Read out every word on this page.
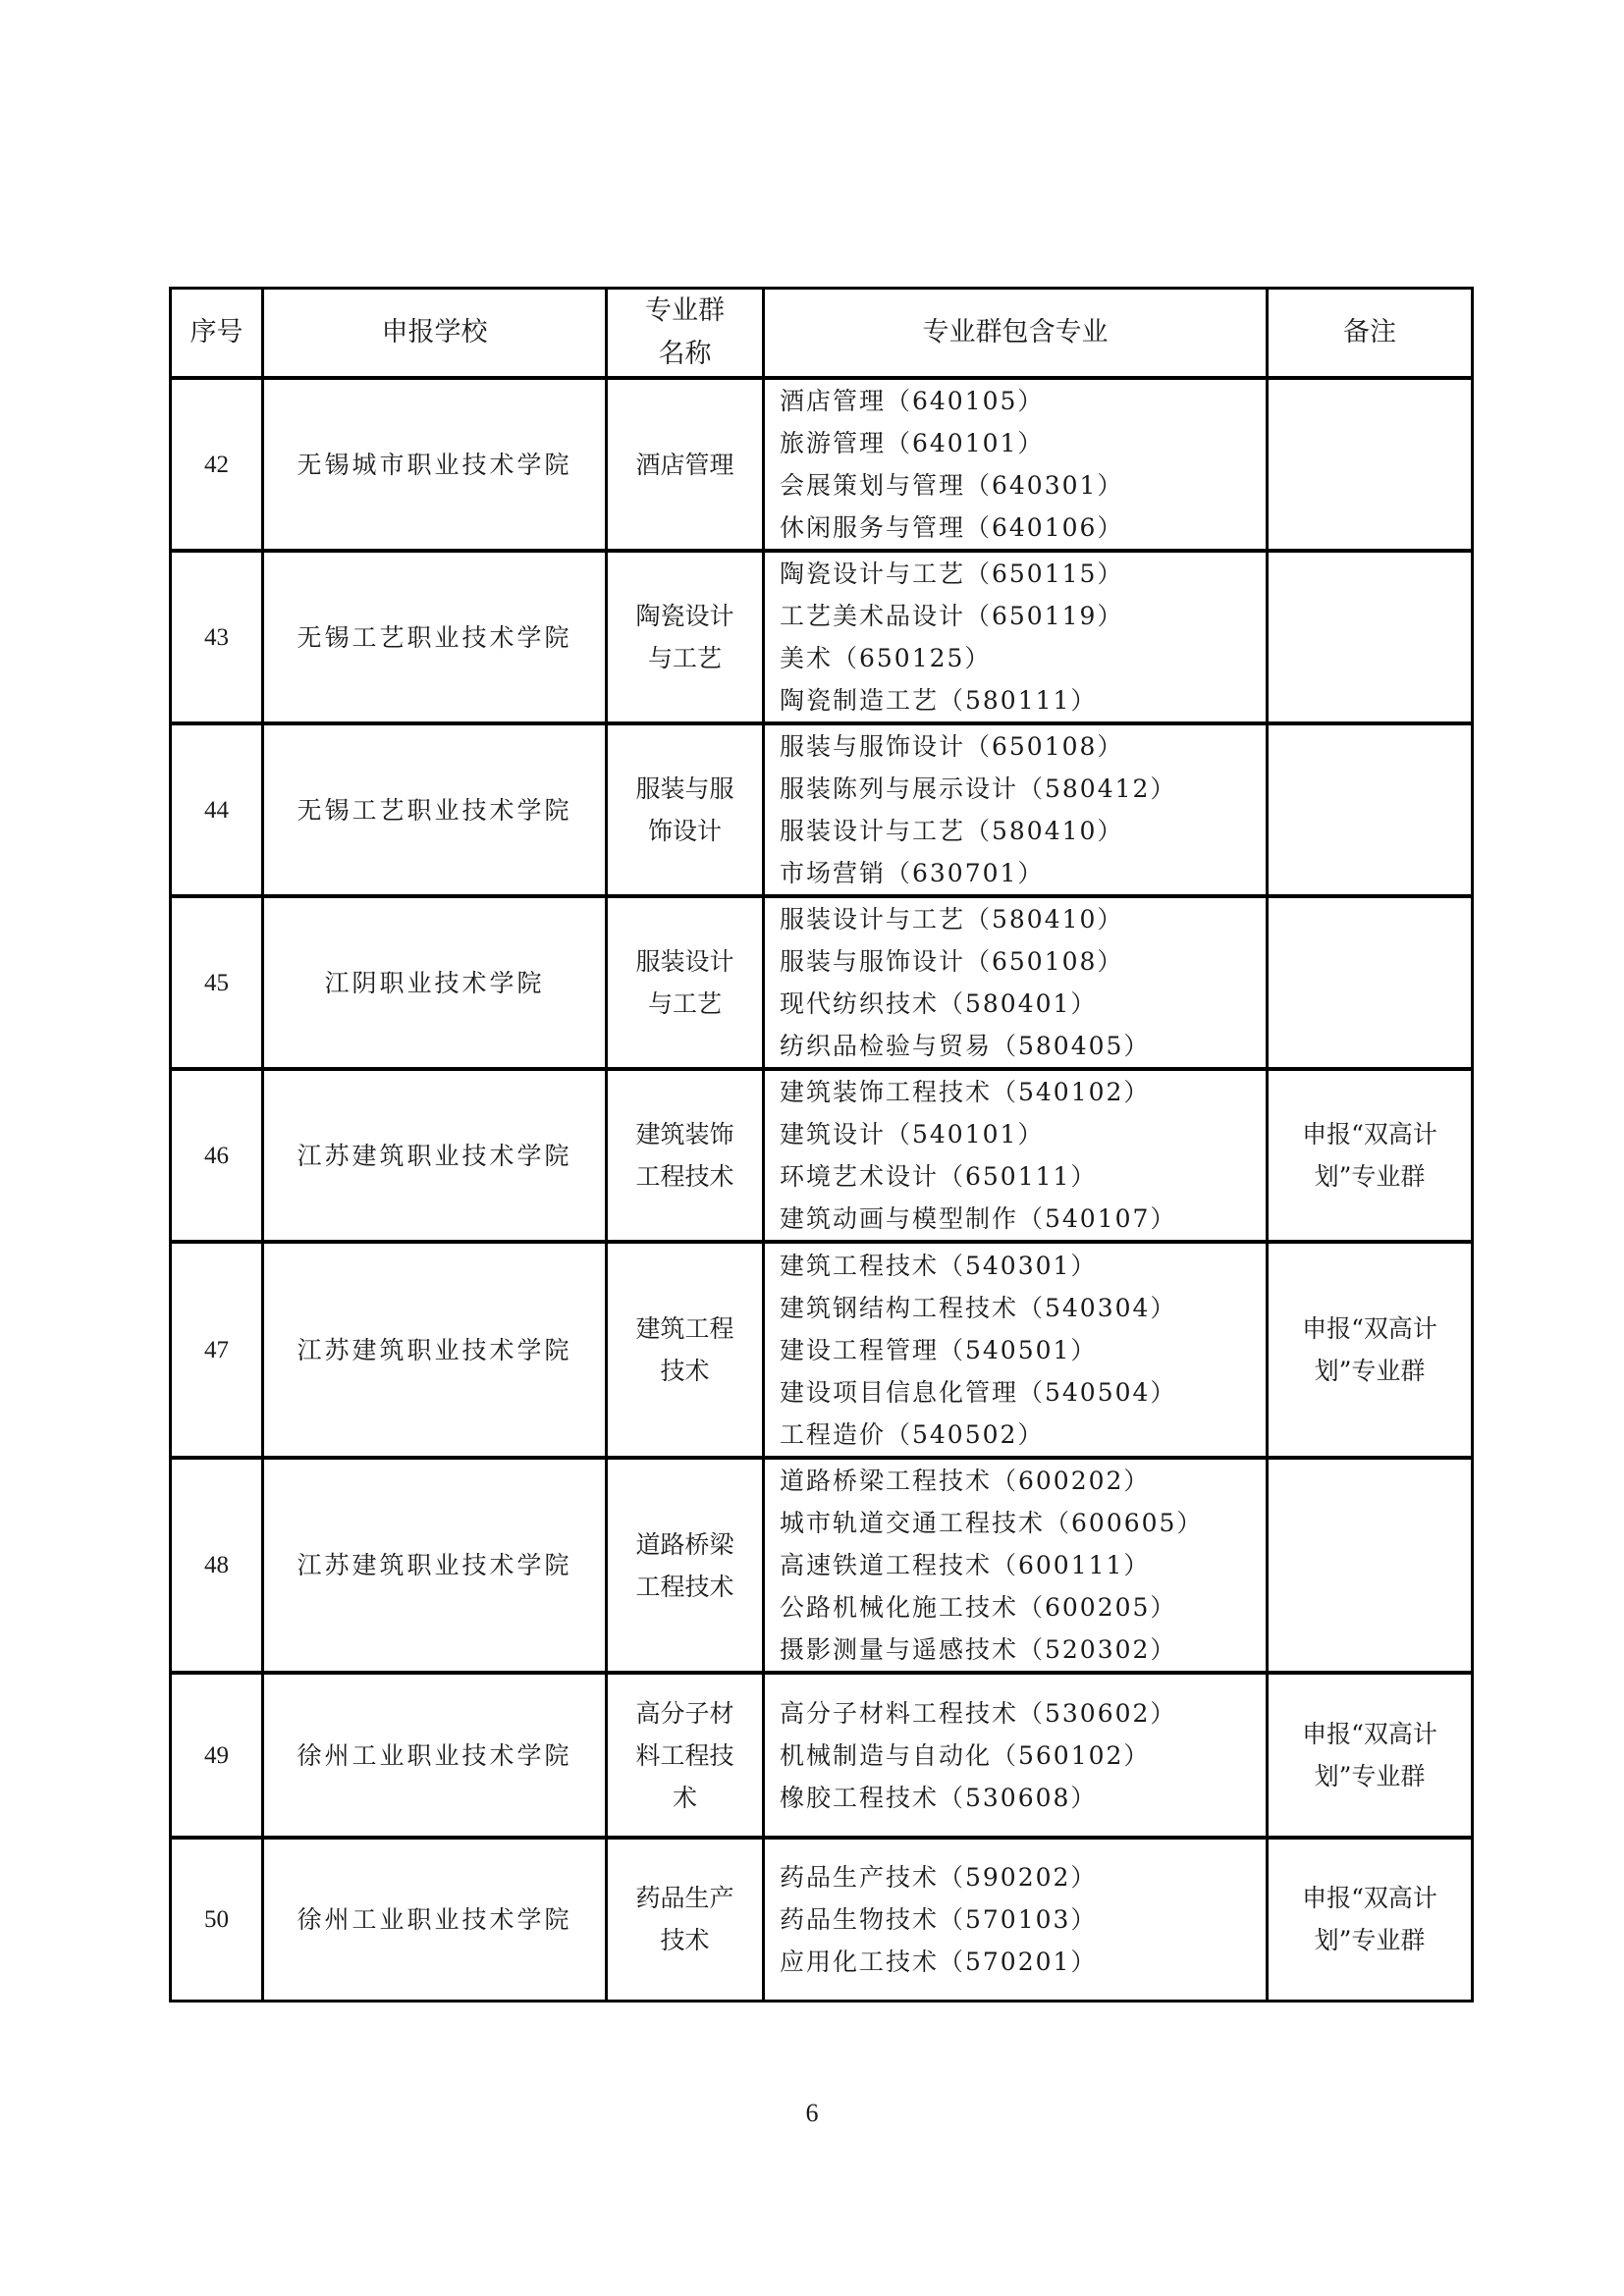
序号	申报学校	专业群名称	专业群包含专业	备注
42	无锡城市职业技术学院	酒店管理	酒店管理（640105）
旅游管理（640101）
会展策划与管理（640301）
休闲服务与管理（640106）	

43	无锡工艺职业技术学院	陶瓷设计与工艺	陶瓷设计与工艺（650115）
工艺美术品设计（650119）
美术（650125）
陶瓷制造工艺（580111）	

44	无锡工艺职业技术学院	服装与服饰设计	服装与服饰设计（650108）
服装陈列与展示设计（580412）
服装设计与工艺（580410）
市场营销（630701）	

45	江阴职业技术学院	服装设计与工艺	服装设计与工艺（580410）
服装与服饰设计（650108）
现代纺织技术（580401）
纺织品检验与贸易（580405）	

46	江苏建筑职业技术学院	建筑装饰工程技术	建筑装饰工程技术（540102）
建筑设计（540101）
环境艺术设计（650111）
建筑动画与模型制作（540107）	申报“双高计划”专业群
47	江苏建筑职业技术学院	建筑工程技术	建筑工程技术（540301）
建筑钢结构工程技术（540304）
建设工程管理（540501）
建设项目信息化管理（540504）
工程造价（540502）	申报“双高计划”专业群
48	江苏建筑职业技术学院	道路桥梁工程技术	道路桥梁工程技术（600202）
城市轨道交通工程技术（600605）
高速铁道工程技术（600111）
公路机械化施工技术（600205）
摄影测量与遥感技术（520302）	

49	徐州工业职业技术学院	高分子材料工程技术	高分子材料工程技术（530602）
机械制造与自动化（560102）
橡胶工程技术（530608）	申报“双高计划”专业群
50	徐州工业职业技术学院	药品生产技术	药品生产技术（590202）
药品生物技术（570103）
应用化工技术（570201）	申报“双高计划”专业群
6
